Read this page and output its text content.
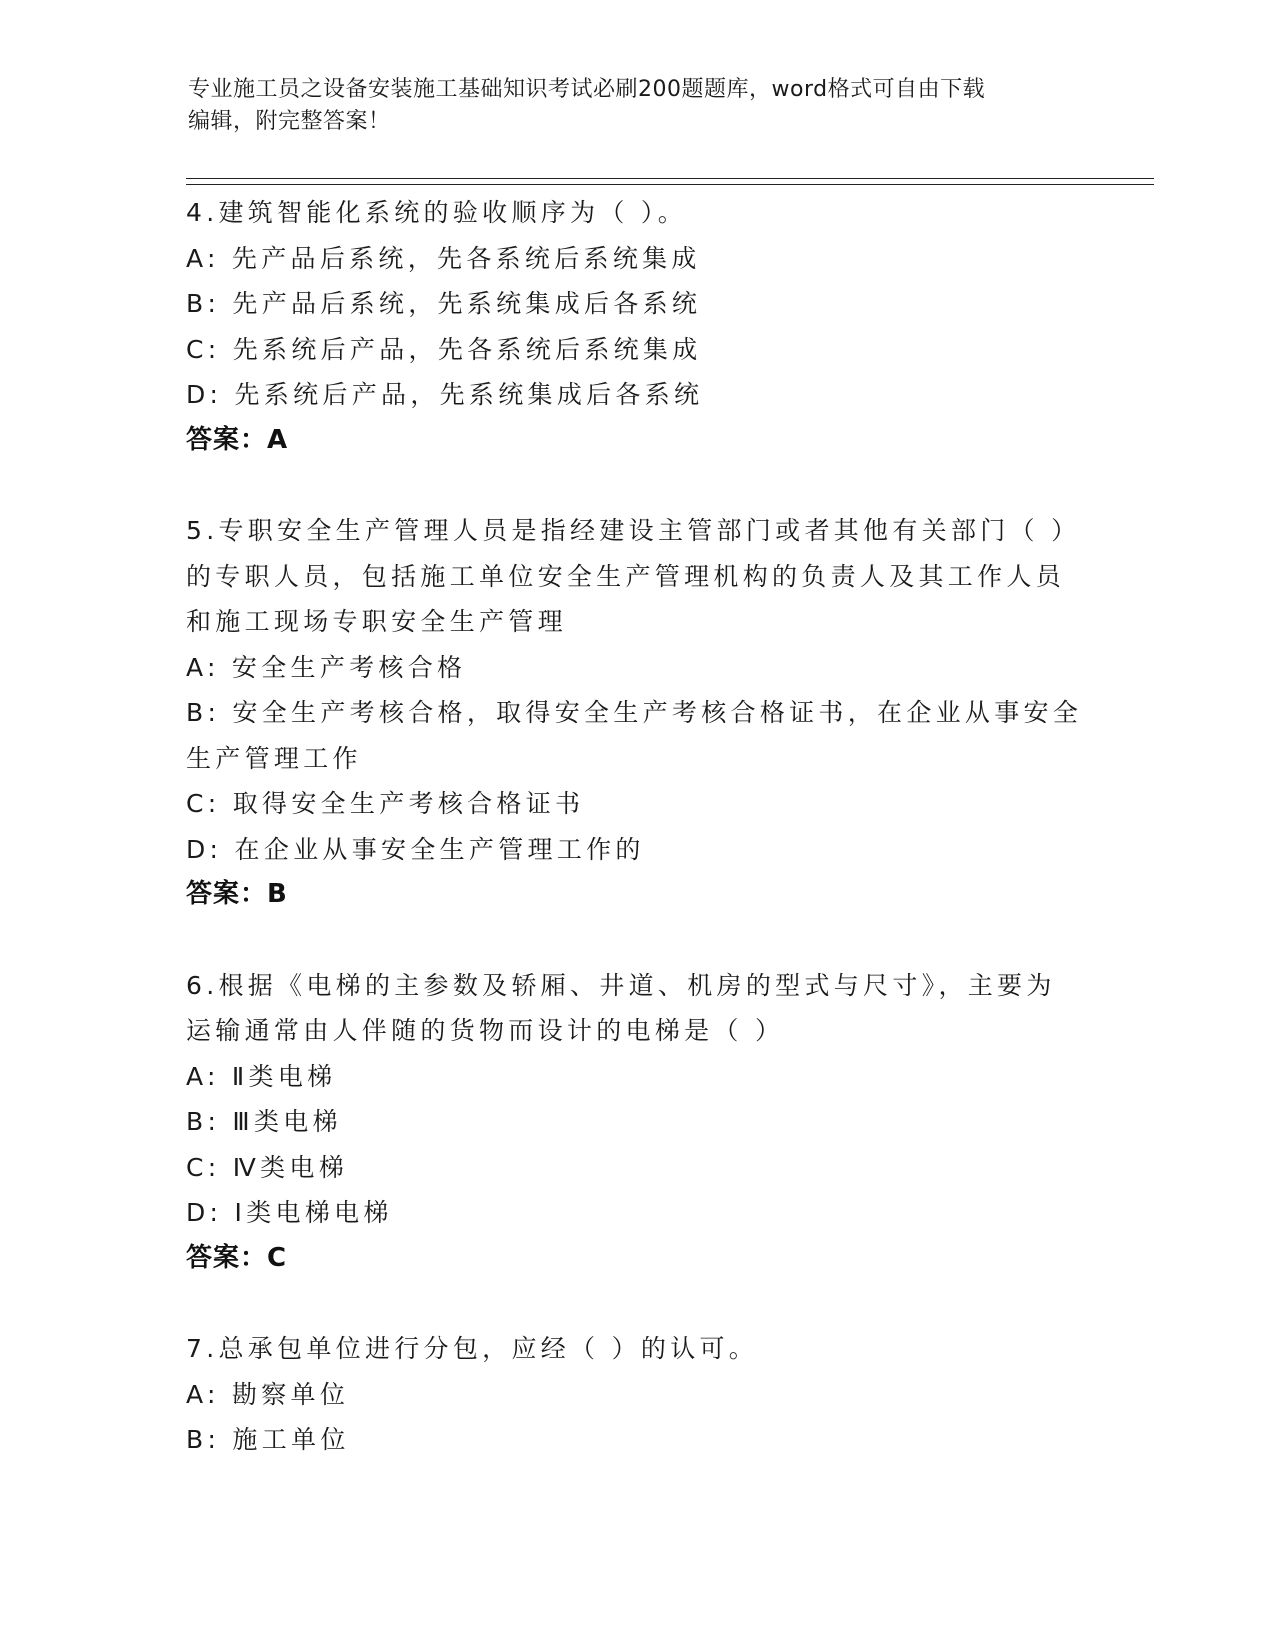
专业施工员之设备安装施工基础知识考试必刷200题题库，word格式可自由下载
编辑，附完整答案！
4.建筑智能化系统的验收顺序为（ ）。
A: 先产品后系统，先各系统后系统集成
B: 先产品后系统，先系统集成后各系统
C: 先系统后产品，先各系统后系统集成
D: 先系统后产品，先系统集成后各系统
答案：A
5.专职安全生产管理人员是指经建设主管部门或者其他有关部门（ ）
的专职人员，包括施工单位安全生产管理机构的负责人及其工作人员
和施工现场专职安全生产管理
A: 安全生产考核合格
B: 安全生产考核合格，取得安全生产考核合格证书，在企业从事安全
生产管理工作
C: 取得安全生产考核合格证书
D: 在企业从事安全生产管理工作的
答案：B
6.根据《电梯的主参数及轿厢、井道、机房的型式与尺寸》，主要为
运输通常由人伴随的货物而设计的电梯是（ ）
A: Ⅱ类电梯
B: Ⅲ类电梯
C: Ⅳ类电梯
D: Ⅰ类电梯电梯
答案：C
7.总承包单位进行分包，应经（ ）的认可。
A: 勘察单位
B: 施工单位
